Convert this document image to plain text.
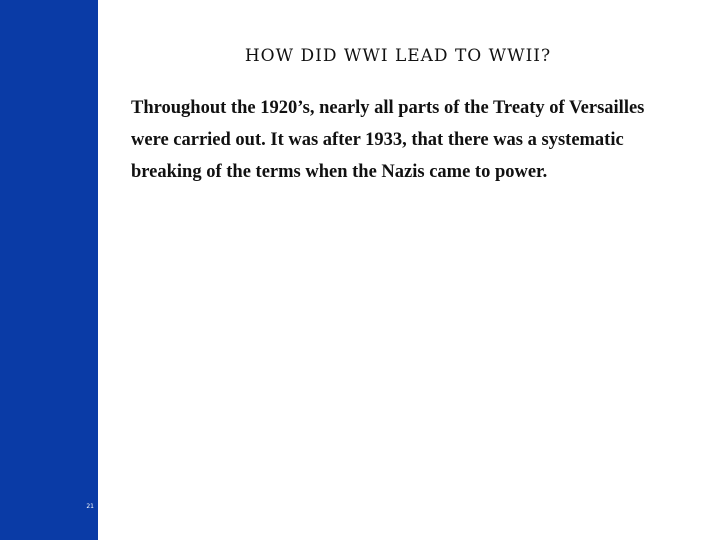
21
HOW DID WWI LEAD TO WWII?

Throughout the 1920’s, nearly all parts of the Treaty of Versailles were carried out. It was after 1933, that there was a systematic breaking of the terms when the Nazis came to power.
